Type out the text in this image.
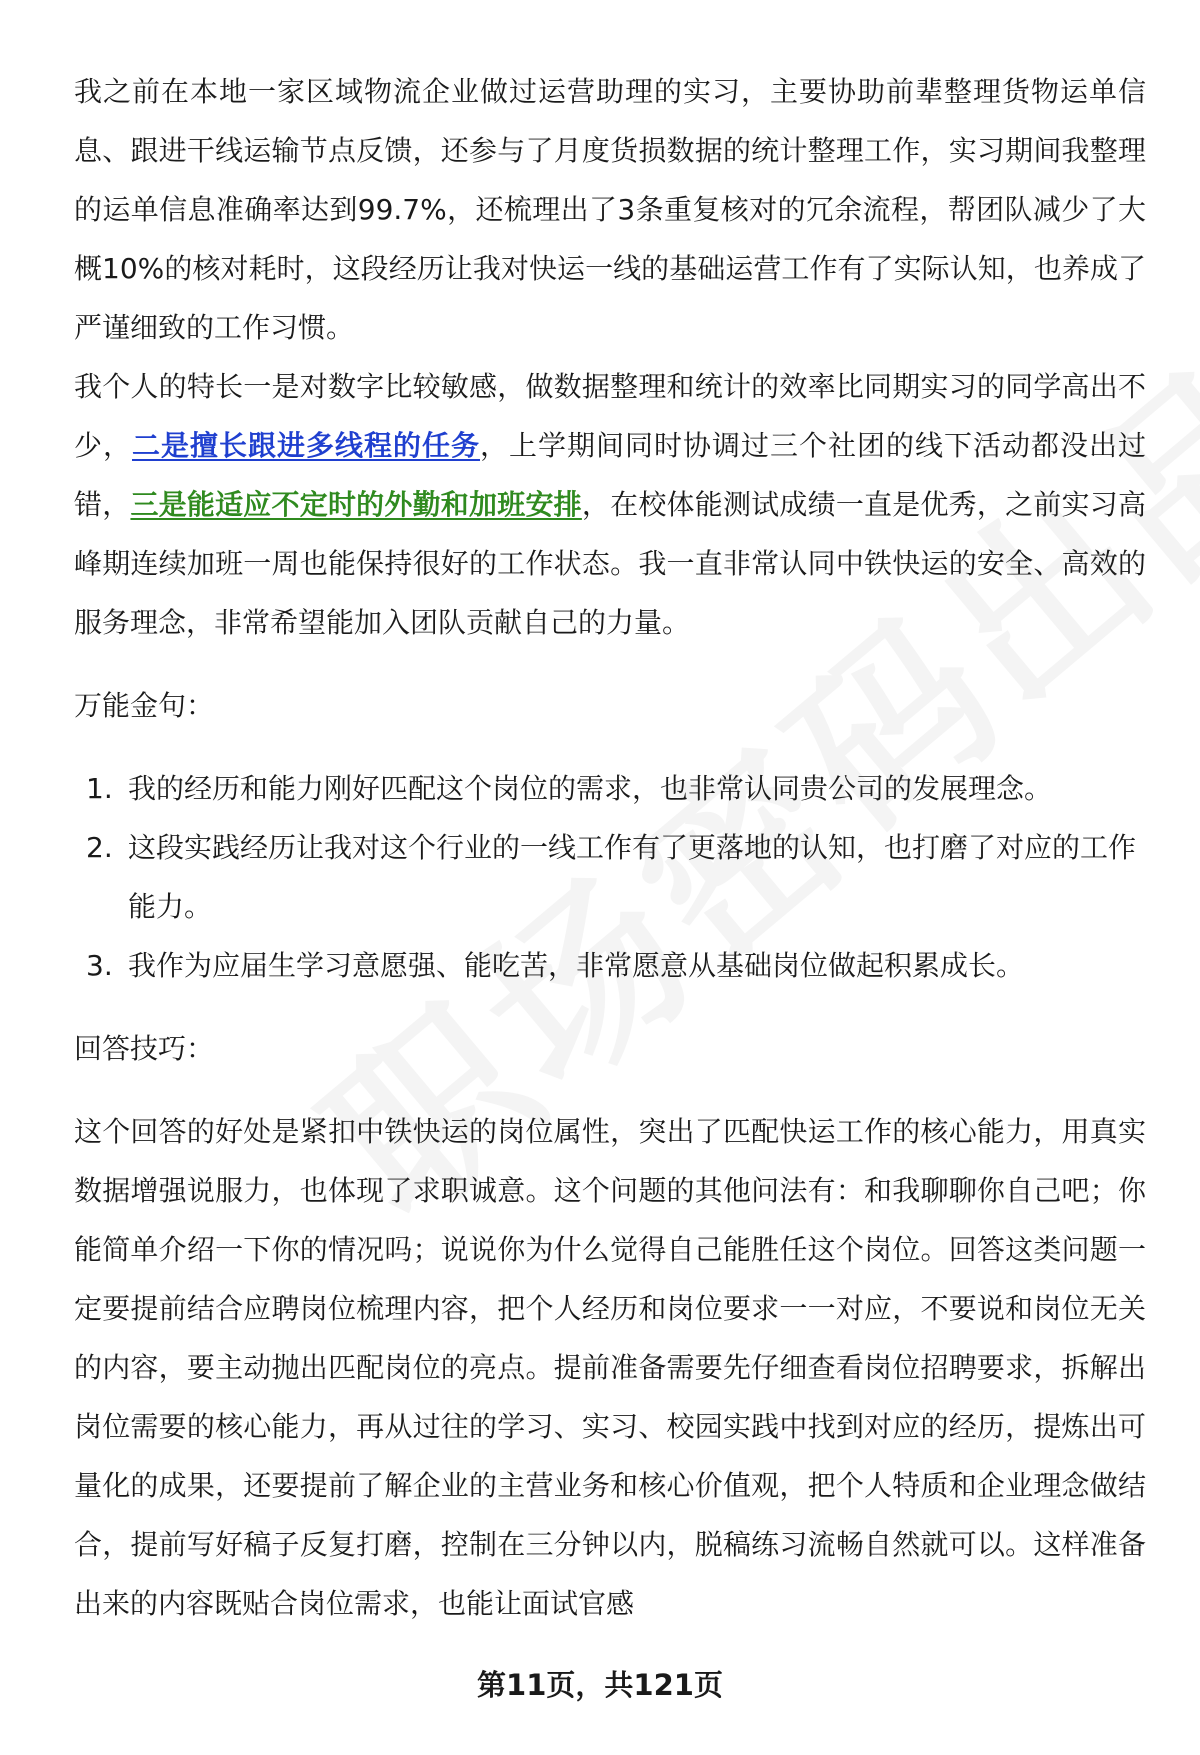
我之前在本地一家区域物流企业做过运营助理的实习，主要协助前辈整理货物运单信息、跟进干线运输节点反馈，还参与了月度货损数据的统计整理工作，实习期间我整理的运单信息准确率达到99.7%，还梳理出了3条重复核对的冗余流程，帮团队减少了大概10%的核对耗时，这段经历让我对快运一线的基础运营工作有了实际认知，也养成了严谨细致的工作习惯。

我个人的特长一是对数字比较敏感，做数据整理和统计的效率比同期实习的同学高出不少，二是擅长跟进多线程的任务，上学期间同时协调过三个社团的线下活动都没出过错，三是能适应不定时的外勤和加班安排，在校体能测试成绩一直是优秀，之前实习高峰期连续加班一周也能保持很好的工作状态。我一直非常认同中铁快运的安全、高效的服务理念，非常希望能加入团队贡献自己的力量。

万能金句：

1. 我的经历和能力刚好匹配这个岗位的需求，也非常认同贵公司的发展理念。
2. 这段实践经历让我对这个行业的一线工作有了更落地的认知，也打磨了对应的工作能力。
3. 我作为应届生学习意愿强、能吃苦，非常愿意从基础岗位做起积累成长。

回答技巧：

这个回答的好处是紧扣中铁快运的岗位属性，突出了匹配快运工作的核心能力，用真实数据增强说服力，也体现了求职诚意。这个问题的其他问法有：和我聊聊你自己吧；你能简单介绍一下你的情况吗；说说你为什么觉得自己能胜任这个岗位。回答这类问题一定要提前结合应聘岗位梳理内容，把个人经历和岗位要求一一对应，不要说和岗位无关的内容，要主动抛出匹配岗位的亮点。提前准备需要先仔细查看岗位招聘要求，拆解出岗位需要的核心能力，再从过往的学习、实习、校园实践中找到对应的经历，提炼出可量化的成果，还要提前了解企业的主营业务和核心价值观，把个人特质和企业理念做结合，提前写好稿子反复打磨，控制在三分钟以内，脱稿练习流畅自然就可以。这样准备出来的内容既贴合岗位需求，也能让面试官感

第11页，共121页
